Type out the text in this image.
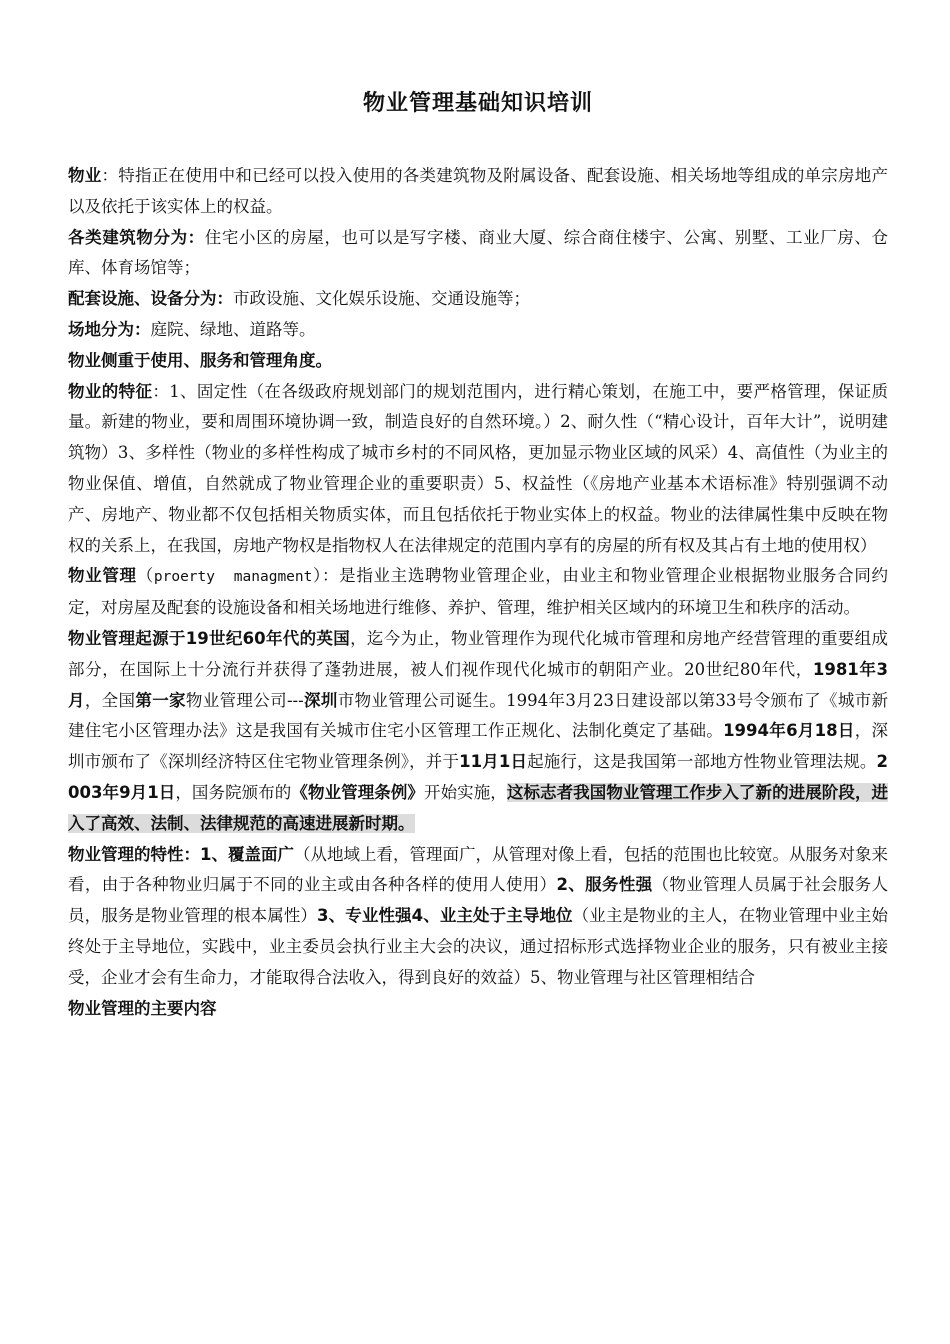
物业管理基础知识培训

物业：特指正在使用中和已经可以投入使用的各类建筑物及附属设备、配套设施、相关场地等组成的单宗房地产以及依托于该实体上的权益。

各类建筑物分为：住宅小区的房屋，也可以是写字楼、商业大厦、综合商住楼宇、公寓、别墅、工业厂房、仓库、体育场馆等；

配套设施、设备分为：市政设施、文化娱乐设施、交通设施等；

场地分为：庭院、绿地、道路等。

物业侧重于使用、服务和管理角度。

物业的特征：1、固定性（在各级政府规划部门的规划范围内，进行精心策划，在施工中，要严格管理，保证质量。新建的物业，要和周围环境协调一致，制造良好的自然环境。）2、耐久性（“精心设计，百年大计”，说明建筑物）3、多样性（物业的多样性构成了城市乡村的不同风格，更加显示物业区域的风采）4、高值性（为业主的物业保值、增值，自然就成了物业管理企业的重要职责）5、权益性（《房地产业基本术语标准》特别强调不动产、房地产、物业都不仅包括相关物质实体，而且包括依托于物业实体上的权益。物业的法律属性集中反映在物权的关系上，在我国，房地产物权是指物权人在法律规定的范围内享有的房屋的所有权及其占有土地的使用权）

物业管理（proerty  managment）：是指业主选聘物业管理企业，由业主和物业管理企业根据物业服务合同约定，对房屋及配套的设施设备和相关场地进行维修、养护、管理，维护相关区域内的环境卫生和秩序的活动。

物业管理起源于19世纪60年代的英国，迄今为止，物业管理作为现代化城市管理和房地产经营管理的重要组成部分，在国际上十分流行并获得了蓬勃进展，被人们视作现代化城市的朝阳产业。20世纪80年代，1981年3月，全国第一家物业管理公司---深圳市物业管理公司诞生。1994年3月23日建设部以第33号令颁布了《城市新建住宅小区管理办法》这是我国有关城市住宅小区管理工作正规化、法制化奠定了基础。1994年6月18日，深圳市颁布了《深圳经济特区住宅物业管理条例》，并于11月1日起施行，这是我国第一部地方性物业管理法规。2003年9月1日，国务院颁布的《物业管理条例》开始实施，这标志者我国物业管理工作步入了新的进展阶段，进入了高效、法制、法律规范的高速进展新时期。

物业管理的特性：1、覆盖面广（从地域上看，管理面广，从管理对像上看，包括的范围也比较宽。从服务对象来看，由于各种物业归属于不同的业主或由各种各样的使用人使用）2、服务性强（物业管理人员属于社会服务人员，服务是物业管理的根本属性）3、专业性强4、业主处于主导地位（业主是物业的主人，在物业管理中业主始终处于主导地位，实践中，业主委员会执行业主大会的决议，通过招标形式选择物业企业的服务，只有被业主接受，企业才会有生命力，才能取得合法收入，得到良好的效益）5、物业管理与社区管理相结合

物业管理的主要内容
